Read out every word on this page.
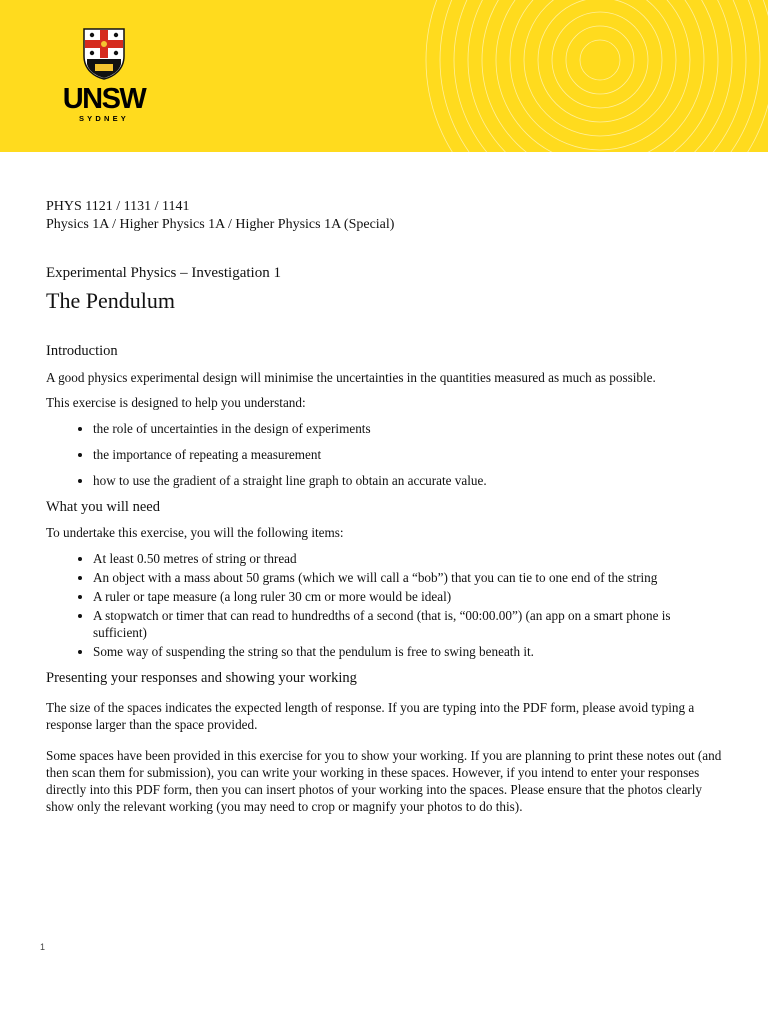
UNSW
SYDNEY
PHYS 1121 / 1131 / 1141
Physics 1A / Higher Physics 1A / Higher Physics 1A (Special)
Experimental Physics – Investigation 1
The Pendulum
Introduction

A good physics experimental design will minimise the uncertainties in the quantities measured as much as possible.

This exercise is designed to help you understand:

• the role of uncertainties in the design of experiments
• the importance of repeating a measurement
• how to use the gradient of a straight line graph to obtain an accurate value.
What you will need

To undertake this exercise, you will the following items:

• At least 0.50 metres of string or thread
• An object with a mass about 50 grams (which we will call a “bob”) that you can tie to one end of the string
• A ruler or tape measure (a long ruler 30 cm or more would be ideal)
• A stopwatch or timer that can read to hundredths of a second (that is, “00:00.00”) (an app on a smart phone is sufficient)
• Some way of suspending the string so that the pendulum is free to swing beneath it.
Presenting your responses and showing your working

The size of the spaces indicates the expected length of response. If you are typing into the PDF form, please avoid typing a response larger than the space provided.

Some spaces have been provided in this exercise for you to show your working. If you are planning to print these notes out (and then scan them for submission), you can write your working in these spaces. However, if you intend to enter your responses directly into this PDF form, then you can insert photos of your working into the spaces. Please ensure that the photos clearly show only the relevant working (you may need to crop or magnify your photos to do this).

1
